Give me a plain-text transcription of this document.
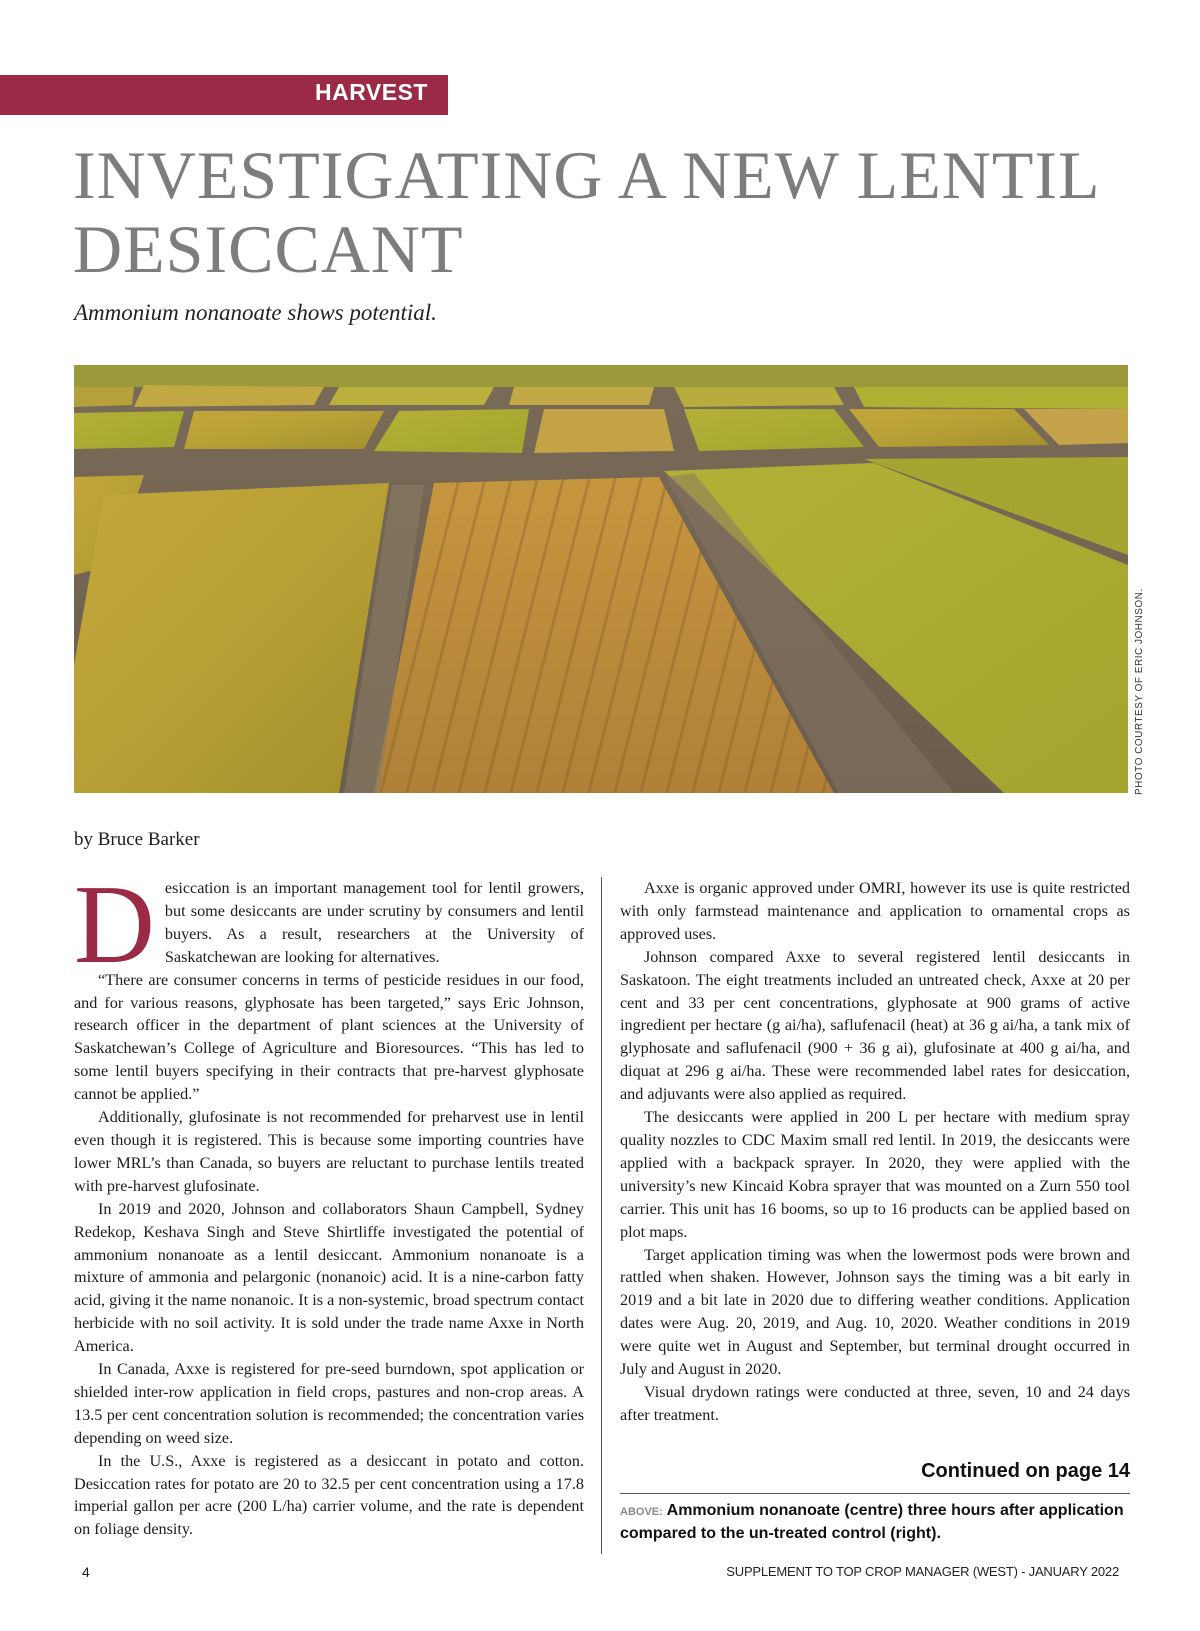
HARVEST
INVESTIGATING A NEW LENTIL DESICCANT
Ammonium nonanoate shows potential.
PHOTO COURTESY OF ERIC JOHNSON.
by Bruce Barker

Desiccation is an important management tool for lentil growers, but some desiccants are under scrutiny by consumers and lentil buyers. As a result, researchers at the University of Saskatchewan are looking for alternatives.

“There are consumer concerns in terms of pesticide residues in our food, and for various reasons, glyphosate has been targeted,” says Eric Johnson, research officer in the department of plant sciences at the University of Saskatchewan’s College of Agriculture and Bioresources. “This has led to some lentil buyers specifying in their contracts that pre-harvest glyphosate cannot be applied.”

Additionally, glufosinate is not recommended for preharvest use in lentil even though it is registered. This is because some importing countries have lower MRL’s than Canada, so buyers are reluctant to purchase lentils treated with pre-harvest glufosinate.

In 2019 and 2020, Johnson and collaborators Shaun Campbell, Sydney Redekop, Keshava Singh and Steve Shirtliffe investigated the potential of ammonium nonanoate as a lentil desiccant. Ammonium nonanoate is a mixture of ammonia and pelargonic (nonanoic) acid. It is a nine-carbon fatty acid, giving it the name nonanoic. It is a non-systemic, broad spectrum contact herbicide with no soil activity. It is sold under the trade name Axxe in North America.

In Canada, Axxe is registered for pre-seed burndown, spot application or shielded inter-row application in field crops, pastures and non-crop areas. A 13.5 per cent concentration solution is recommended; the concentration varies depending on weed size.

In the U.S., Axxe is registered as a desiccant in potato and cotton. Desiccation rates for potato are 20 to 32.5 per cent concentration using a 17.8 imperial gallon per acre (200 L/ha) carrier volume, and the rate is dependent on foliage density.

Axxe is organic approved under OMRI, however its use is quite restricted with only farmstead maintenance and application to ornamental crops as approved uses.

Johnson compared Axxe to several registered lentil desiccants in Saskatoon. The eight treatments included an untreated check, Axxe at 20 per cent and 33 per cent concentrations, glyphosate at 900 grams of active ingredient per hectare (g ai/ha), saflufenacil (heat) at 36 g ai/ha, a tank mix of glyphosate and saflufenacil (900 + 36 g ai), glufosinate at 400 g ai/ha, and diquat at 296 g ai/ha. These were recommended label rates for desiccation, and adjuvants were also applied as required.

The desiccants were applied in 200 L per hectare with medium spray quality nozzles to CDC Maxim small red lentil. In 2019, the desiccants were applied with a backpack sprayer. In 2020, they were applied with the university’s new Kincaid Kobra sprayer that was mounted on a Zurn 550 tool carrier. This unit has 16 booms, so up to 16 products can be applied based on plot maps.

Target application timing was when the lowermost pods were brown and rattled when shaken. However, Johnson says the timing was a bit early in 2019 and a bit late in 2020 due to differing weather conditions. Application dates were Aug. 20, 2019, and Aug. 10, 2020. Weather conditions in 2019 were quite wet in August and September, but terminal drought occurred in July and August in 2020.

Visual drydown ratings were conducted at three, seven, 10 and 24 days after treatment.

Continued on page 14
ABOVE: Ammonium nonanoate (centre) three hours after application compared to the un-treated control (right).
4	SUPPLEMENT TO TOP CROP MANAGER (WEST) - JANUARY 2022
